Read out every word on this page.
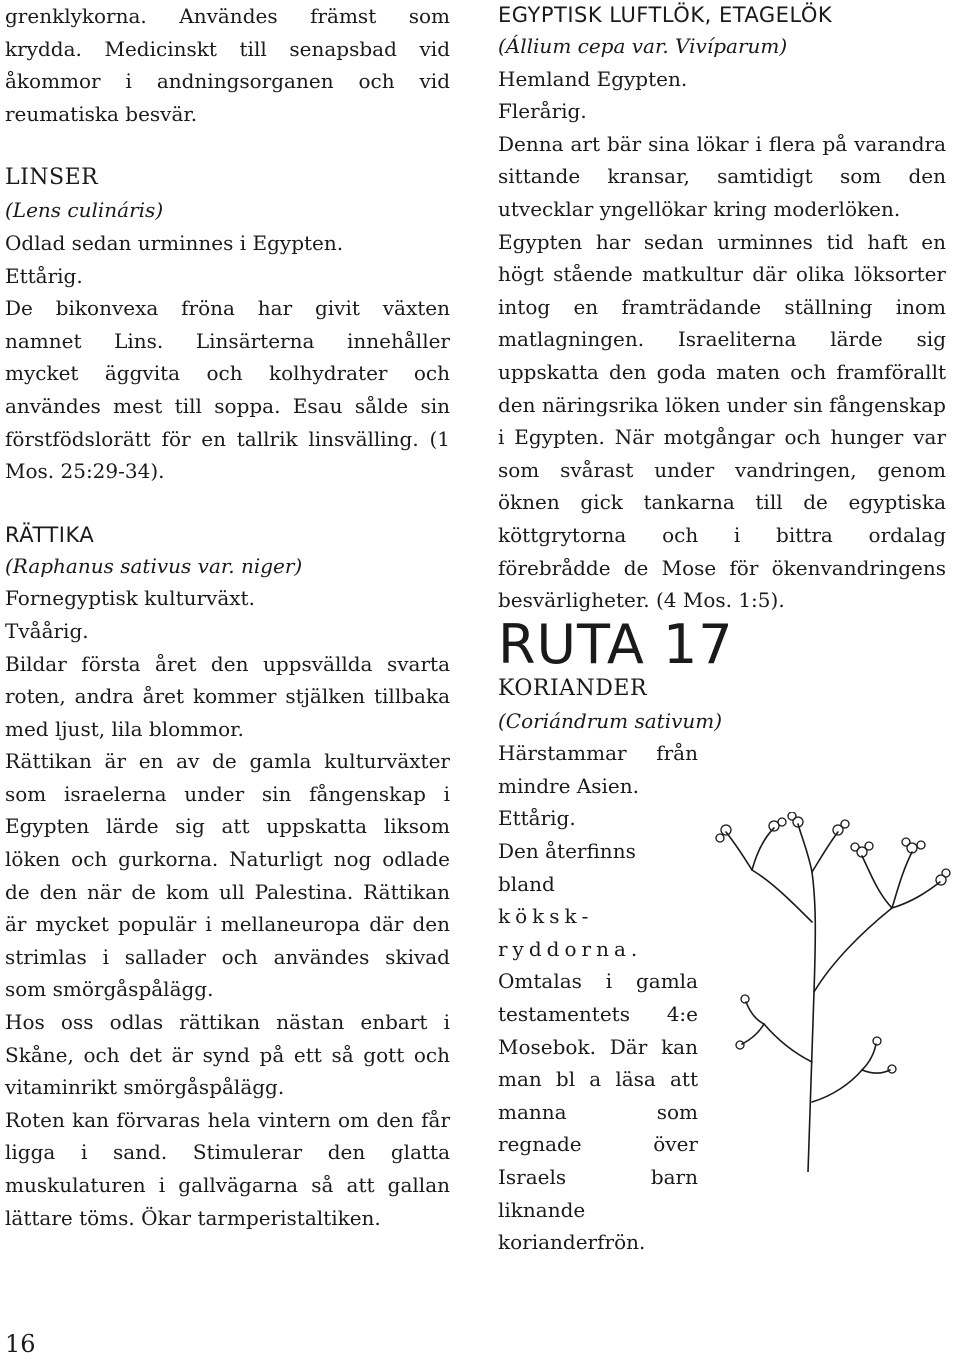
grenklykorna. Användes främst som krydda. Medicinskt till senapsbad vid åkommor i andningsorganen och vid reumatiska besvär.

LINSER

(Lens culináris)

Odlad sedan urminnes i Egypten.

Ettårig.

De bikonvexa fröna har givit växten namnet Lins. Linsärterna innehåller mycket äggvita och kolhydrater och användes mest till soppa. Esau sålde sin förstfödslorätt för en tallrik linsvälling. (1 Mos. 25:29-34).

RÄTTIKA

(Raphanus sativus var. niger)

Fornegyptisk kulturväxt.

Tvåårig.

Bildar första året den uppsvällda svarta roten, andra året kommer stjälken tillbaka med ljust, lila blommor.

Rättikan är en av de gamla kulturväxter som israelerna under sin fångenskap i Egypten lärde sig att uppskatta liksom löken och gurkorna. Naturligt nog odlade de den när de kom ull Palestina. Rättikan är mycket populär i mellaneuropa där den strimlas i sallader och användes skivad som smörgåspålägg.

Hos oss odlas rättikan nästan enbart i Skåne, och det är synd på ett så gott och vitaminrikt smörgåspålägg.

Roten kan förvaras hela vintern om den får ligga i sand. Stimulerar den glatta muskulaturen i gallvägarna så att gallan lättare töms. Ökar tarmperistaltiken.

EGYPTISK LUFTLÖK, ETAGELÖK

(Állium cepa var. Vivíparum)

Hemland Egypten.

Flerårig.

Denna art bär sina lökar i flera på varandra sittande kransar, samtidigt som den utvecklar yngellökar kring moderlöken.

Egypten har sedan urminnes tid haft en högt stående matkultur där olika löksorter intog en framträdande ställning inom matlagningen. Israeliterna lärde sig uppskatta den goda maten och framförallt den näringsrika löken under sin fångenskap i Egypten. När motgångar och hunger var som svårast under vandringen, genom öknen gick tankarna till de egyptiska köttgrytorna och i bittra ordalag förebrådde de Mose för ökenvandringens besvärligheter. (4 Mos. 1:5).

RUTA 17

KORIANDER

(Coriándrum sativum)

Härstammar från mindre Asien.

Ettårig.

Den återfinns bland

kökskryddorna.

Omtalas i gamla testamentets 4:e Mosebok. Där kan man bl a läsa att manna som regnade över Israels barn liknande korianderfrön.

16
